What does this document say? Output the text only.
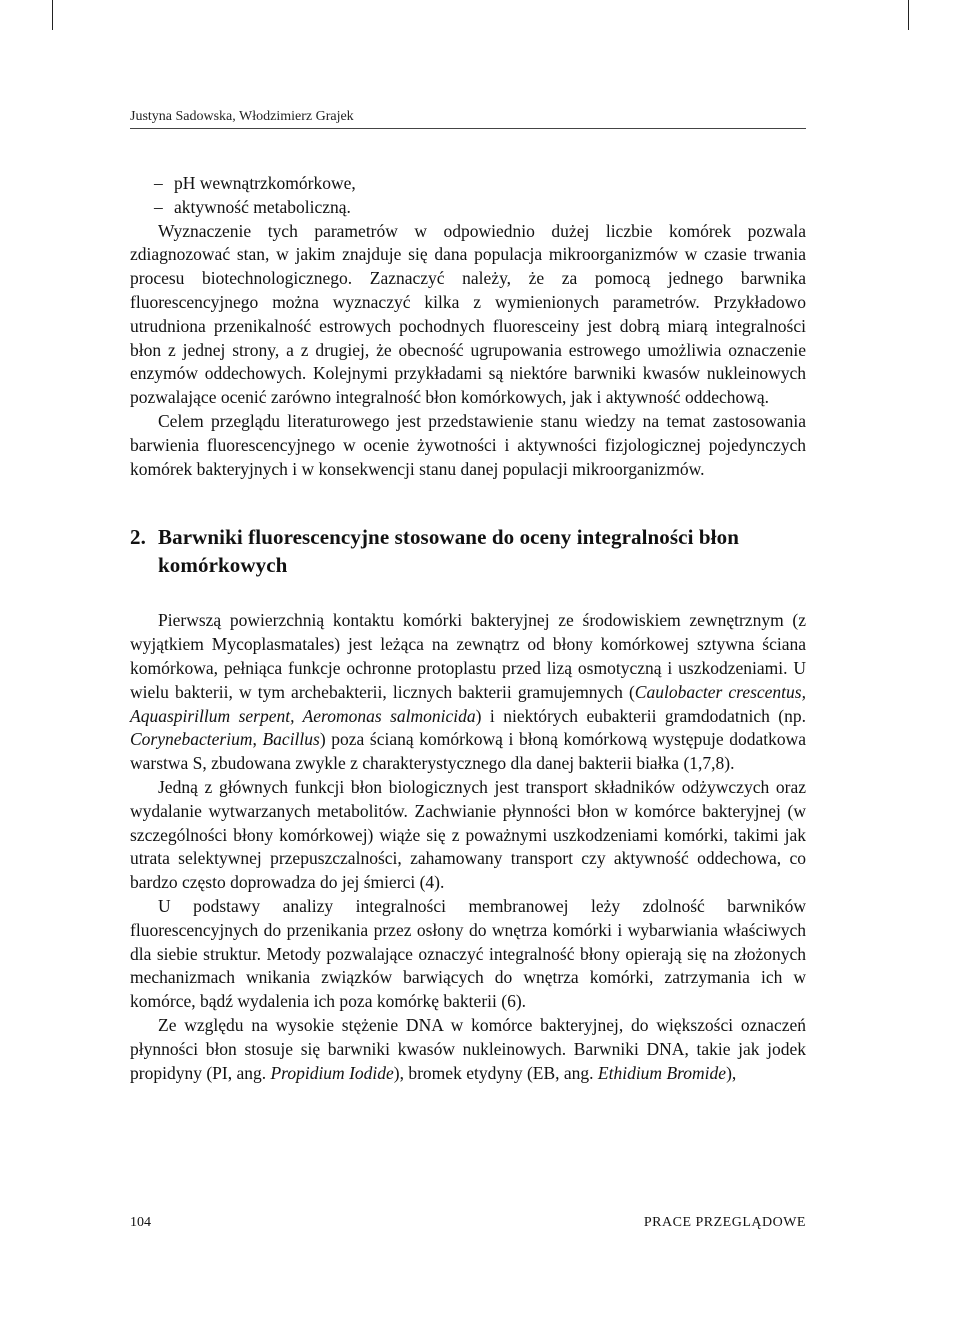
Justyna Sadowska, Włodzimierz Grajek

– pH wewnątrzkomórkowe,

– aktywność metaboliczną.

Wyznaczenie tych parametrów w odpowiednio dużej liczbie komórek pozwala zdiagnozować stan, w jakim znajduje się dana populacja mikroorganizmów w czasie trwania procesu biotechnologicznego. Zaznaczyć należy, że za pomocą jednego barwnika fluorescencyjnego można wyznaczyć kilka z wymienionych parametrów. Przykładowo utrudniona przenikalność estrowych pochodnych fluoresceiny jest dobrą miarą integralności błon z jednej strony, a z drugiej, że obecność ugrupowania estrowego umożliwia oznaczenie enzymów oddechowych. Kolejnymi przykładami są niektóre barwniki kwasów nukleinowych pozwalające ocenić zarówno integralność błon komórkowych, jak i aktywność oddechową.

Celem przeglądu literaturowego jest przedstawienie stanu wiedzy na temat zastosowania barwienia fluorescencyjnego w ocenie żywotności i aktywności fizjologicznej pojedynczych komórek bakteryjnych i w konsekwencji stanu danej populacji mikroorganizmów.

2. Barwniki fluorescencyjne stosowane do oceny integralności błon komórkowych

Pierwszą powierzchnią kontaktu komórki bakteryjnej ze środowiskiem zewnętrznym (z wyjątkiem Mycoplasmatales) jest leżąca na zewnątrz od błony komórkowej sztywna ściana komórkowa, pełniąca funkcje ochronne protoplastu przed lizą osmotyczną i uszkodzeniami. U wielu bakterii, w tym archebakterii, licznych bakterii gramujemnych (Caulobacter crescentus, Aquaspirillum serpent, Aeromonas salmonicida) i niektórych eubakterii gramdodatnich (np. Corynebacterium, Bacillus) poza ścianą komórkową i błoną komórkową występuje dodatkowa warstwa S, zbudowana zwykle z charakterystycznego dla danej bakterii białka (1,7,8).

Jedną z głównych funkcji błon biologicznych jest transport składników odżywczych oraz wydalanie wytwarzanych metabolitów. Zachwianie płynności błon w komórce bakteryjnej (w szczególności błony komórkowej) wiąże się z poważnymi uszkodzeniami komórki, takimi jak utrata selektywnej przepuszczalności, zahamowany transport czy aktywność oddechowa, co bardzo często doprowadza do jej śmierci (4).

U podstawy analizy integralności membranowej leży zdolność barwników fluorescencyjnych do przenikania przez osłony do wnętrza komórki i wybarwiania właściwych dla siebie struktur. Metody pozwalające oznaczyć integralność błony opierają się na złożonych mechanizmach wnikania związków barwiących do wnętrza komórki, zatrzymania ich w komórce, bądź wydalenia ich poza komórkę bakterii (6).

Ze względu na wysokie stężenie DNA w komórce bakteryjnej, do większości oznaczeń płynności błon stosuje się barwniki kwasów nukleinowych. Barwniki DNA, takie jak jodek propidyny (PI, ang. Propidium Iodide), bromek etydyny (EB, ang. Ethidium Bromide),

104	PRACE PRZEGLĄDOWE
